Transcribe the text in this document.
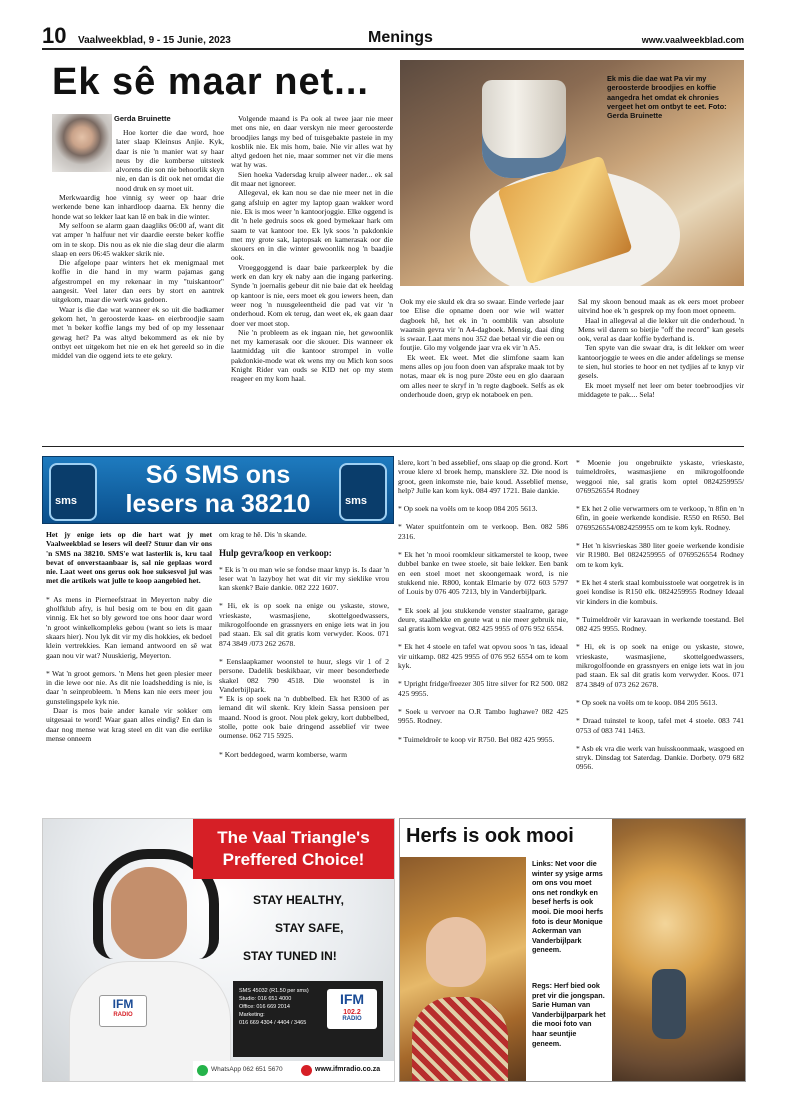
10 Vaalweekblad, 9 - 15 Junie, 2023	Menings	www.vaalweekblad.com
Ek sê maar net...
Gerda Bruinette

Hoe korter die dae word, hoe later slaap Kleinsus Anjie. Kyk, daar is nie 'n manier wat sy haar neus by die komberse uitsteek alvorens die son nie behoorlik skyn nie, en dan is dit ook net omdat die nood druk en sy moet uit.

Merkwaardig hoe vinnig sy weer op haar drie werkende bene kan inhardloop daarna. Ek henny die honde wat so lekker laat kan lê en bak in die winter.

My selfoon se alarm gaan daagliks 06:00 af, want dit vat amper 'n halfuur net vir daardie eerste beker koffie om in te skop. Dis nou as ek nie die slag deur die alarm slaap en eers 06:45 wakker skrik nie.

Die afgelope paar winters het ek menigmaal met koffie in die hand in my warm pajamas gang afgestrompel en my rekenaar in my "tuiskantoor" aangesit. Veel later dan eers by stort en aantrek uitgekom, maar die werk was gedoen.

Waar is die dae wat wanneer ek so uit die badkamer gekom het, 'n geroosterde kaas- en eierbroodjie saam met 'n beker koffie langs my bed of op my lessenaar gewag het? Pa was altyd bekommerd as ek nie by ontbyt eet uitgekom het nie en ek het gereeld so in die middel van die oggend iets te ete gekry.

Volgende maand is Pa ook al twee jaar nie meer met ons nie, en daar verskyn nie meer geroosterde broodjies langs my bed of tuisgebakte pasteie in my kosblik nie. Ek mis hom, baie. Nie vir alles wat hy altyd gedoen het nie, maar sommer net vir die mens wat hy was.

Sien hoeka Vadersdag kruip alweer nader... ek sal dit maar net ignoreer.

Allegeval, ek kan nou se dae nie meer net in die gang afsluip en agter my laptop gaan wakker word nie. Ek is mos weer 'n kantoorjoggie. Elke oggend is dit 'n hele gedruis soos ek goed bymekaar hark om saam te vat kantoor toe. Ek lyk soos 'n pakdonkie met my grote sak, laptopsak en kamerasak oor die skouers en in die winter gewoonlik nog 'n baadjie ook.

Vroeggoggend is daar baie parkeerplek by die werk en dan kry ek naby aan die ingang parkering. Synde 'n joernalis gebeur dit nie baie dat ek heeldag op kantoor is nie, eers moet ek gou iewers heen, dan weer nog 'n nuusgeleentheid die pad vat vir 'n onderhoud. Kom ek terug, dan weet ek, ek gaan daar doer ver moet stop.

Nie 'n probleem as ek ingaan nie, het gewoonlik net my kamerasak oor die skouer. Dis wanneer ek laatmiddag uit die kantoor strompel in volle pakdonkie-mode wat ek wens my ou Mich kon soos Knight Rider van ouds se KID net op my stem reageer en my kom haal.

Ek mis die dae wat Pa vir my geroosterde broodjies en koffie aangedra het omdat ek chronies vergeet het om ontbyt te eet. Foto: Gerda Bruinette

Ook my eie skuld ek dra so swaar. Einde verlede jaar toe Elise die opname doen oor wie wil watter dagboek hê, het ek in 'n oomblik van absolute waansin gevra vir 'n A4-dagboek. Mensig, daai ding is swaar. Laat mens nou 352 dae betaal vir die een ou foutjie. Glo my volgende jaar vra ek vir 'n A5.

Ek weet. Ek weet. Met die slimfone saam kan mens alles op jou foon doen van afsprake maak tot by notas, maar ek is nog pure 20ste eeu en glo daaraan om alles neer te skryf in 'n regte dagboek. Selfs as ek onderhoude doen, gryp ek notaboek en pen.

Sal my skoon benoud maak as ek eers moet probeer uitvind hoe ek 'n gesprek op my foon moet opneem.

Haal in allegeval al die lekker uit die onderhoud. 'n Mens wil darem so bietjie "off the record" kan gesels ook, veral as daar koffie byderhand is.

Ten spyte van die swaar dra, is dit lekker om weer kantoorjoggie te wees en die ander afdelings se mense te sien, hul stories te hoor en net tydjies af te knyp vir gesels.

Ek moet myself net leer om beter toebroodjies vir middagete te pak.... Sela!

sms
Só SMS ons
lesers na 38210	sms

Het jy enige iets op die hart wat jy met Vaalweekblad se lesers wil deel? Stuur dan vir ons 'n SMS na 38210. SMS'e wat lasterlik is, kru taal bevat of onverstaanbaar is, sal nie geplaas word nie. Laat weet ons gerus ook hoe suksesvol jul was met die artikels wat julle te koop aangebied het.

* As mens in Pierneefstraat in Meyerton naby die gholfklub afry, is hul besig om te bou en dit gaan vinnig. Ek het so bly geword toe ons hoor daar word 'n groot winkelkompleks gebou (want so iets is maar skaars hier). Nou lyk dit vir my dis hokkies, ek bedoel klein vertrekkies. Kan iemand antwoord en sê wat gaan nou vir wat? Nuuskierig, Meyerton.

* Wat 'n groot gemors. 'n Mens het geen plesier meer in die lewe oor nie. As dit nie loadshedding is nie, is daar 'n seinprobleem. 'n Mens kan nie eers meer jou gunstelingspele kyk nie.

Daar is mos baie ander kanale vir sokker om uitgesaai te word! Waar gaan alles eindig? En dan is daar nog mense wat krag steel en dit van die eerlike mense onneem

om krag te hê. Dis 'n skande.

Hulp gevra/koop en verkoop:

* Ek is 'n ou man wie se fondse maar knyp is. Is daar 'n leser wat 'n lazyboy het wat dit vir my sieklike vrou kan skenk? Baie dankie. 082 222 1607.

* Hi, ek is op soek na enige ou yskaste, stowe, vrieskaste, wasmasjiene, skottelgoedwassers, mikrogolfoonde en grassnyers en enige iets wat in jou pad staan. Ek sal dit gratis kom verwyder. Koos. 071 874 3849 /073 262 2678.

* Eenslaapkamer woonstel te huur, slegs vir 1 of 2 persone. Dadelik beskikbaar, vir meer besonderhede skakel 082 790 4518. Die woonstel is in Vanderbijlpark.

* Ek is op soek na 'n dubbelbed. Ek het R300 of as iemand dit wil skenk. Kry klein Sassa pensioen per maand. Nood is groot. Nou plek gekry, kort dubbelbed, stolle, potte ook baie dringend asseblief vir twee oumense. 062 715 5925.

* Kort beddegoed, warm komberse, warm

klere, kort 'n bed asseblief, ons slaap op die grond. Kort vroue klere xl broek hemp, mansklere 32. Die nood is groot, geen inkomste nie, baie koud. Asseblief mense, help? Julle kan kom kyk. 084 497 1721. Baie dankie.

* Op soek na voëls om te koop 084 205 5613.

* Water spuitfontein om te verkoop. Ben. 082 586 2316.

* Ek het 'n mooi roomkleur sitkamerstel te koop, twee dubbel banke en twee stoele, sit baie lekker. Een bank en een stoel moet net skoongemaak word, is nie stukkend nie. R800, kontak Elmarie by 072 603 5797 of Louis by 076 405 7213, bly in Vanderbijlpark.

* Ek soek al jou stukkende venster staalrame, garage deure, staalhekke en geute wat u nie meer gebruik nie, sal gratis kom wegvat. 082 425 9955 of 076 952 6554.

* Ek het 4 stoele en tafel wat opvou soos 'n tas, ideaal vir uitkamp. 082 425 9955 of 076 952 6554 om te kom kyk.

* Upright fridge/freezer 305 litre silver for R2 500. 082 425 9955.

* Soek u vervoer na O.R Tambo lughawe? 082 425 9955. Rodney.

* Tuimeldroër te koop vir R750. Bel 082 425 9955.

* Moenie jou ongebruikte yskaste, vrieskaste, tuimeldroërs, wasmasjiene en mikrogolfoonde weggooi nie, sal gratis kom optel 0824259955/ 0769526554 Rodney

* Ek het 2 olie verwarmers om te verkoop, 'n 8fin en 'n 6fin, in goeie werkende kondisie. R550 en R650. Bel 0769526554/0824259955 om te kom kyk. Rodney.

* Het 'n kisvrieskas 380 liter goeie werkende kondisie vir R1980. Bel 0824259955 of 0769526554 Rodney om te kom kyk.

* Ek het 4 sterk staal kombuisstoele wat oorgetrek is in goei kondise is R150 elk. 0824259955 Rodney Ideaal vir kinders in die kombuis.

* Tuimeldroër vir karavaan in werkende toestand. Bel 082 425 9955. Rodney.

* Hi, ek is op soek na enige ou yskaste, stowe, vrieskaste, wasmasjiene, skottelgoedwassers, mikrogolfoonde en grassnyers en enige iets wat in jou pad staan. Ek sal dit gratis kom verwyder. Koos. 071 874 3849 of 073 262 2678.

* Op soek na voëls om te koop. 084 205 5613.

* Draad tuinstel te koop, tafel met 4 stoele. 083 741 0753 of 083 741 1463.

* Asb ek vra die werk van huisskoonmaak, wasgoed en stryk. Dinsdag tot Saterdag. Dankie. Dorbety. 079 682 0956.

The Vaal Triangle's
Preffered Choice!
STAY HEALTHY,
STAY SAFE,
STAY TUNED IN!
IFM
RADIO
SMS 45032 (R1.50 per sms)
Studio: 016 651 4000
Office: 016 669 2014
Marketing:
016 669 4304 / 4404 / 3465
IFM
102.2
RADIO
WhatsApp 062 651 5670	www.ifmradio.co.za
Herfs is ook mooi
Links: Net voor die winter sy ysige arms om ons vou moet ons net rondkyk en besef herfs is ook mooi. Die mooi herfs foto is deur Monique Ackerman van Vanderbijlpark geneem.
Regs: Herf bied ook pret vir die jongspan. Sarie Human van Vanderbijlparpark het die mooi foto van haar seuntjie geneem.
